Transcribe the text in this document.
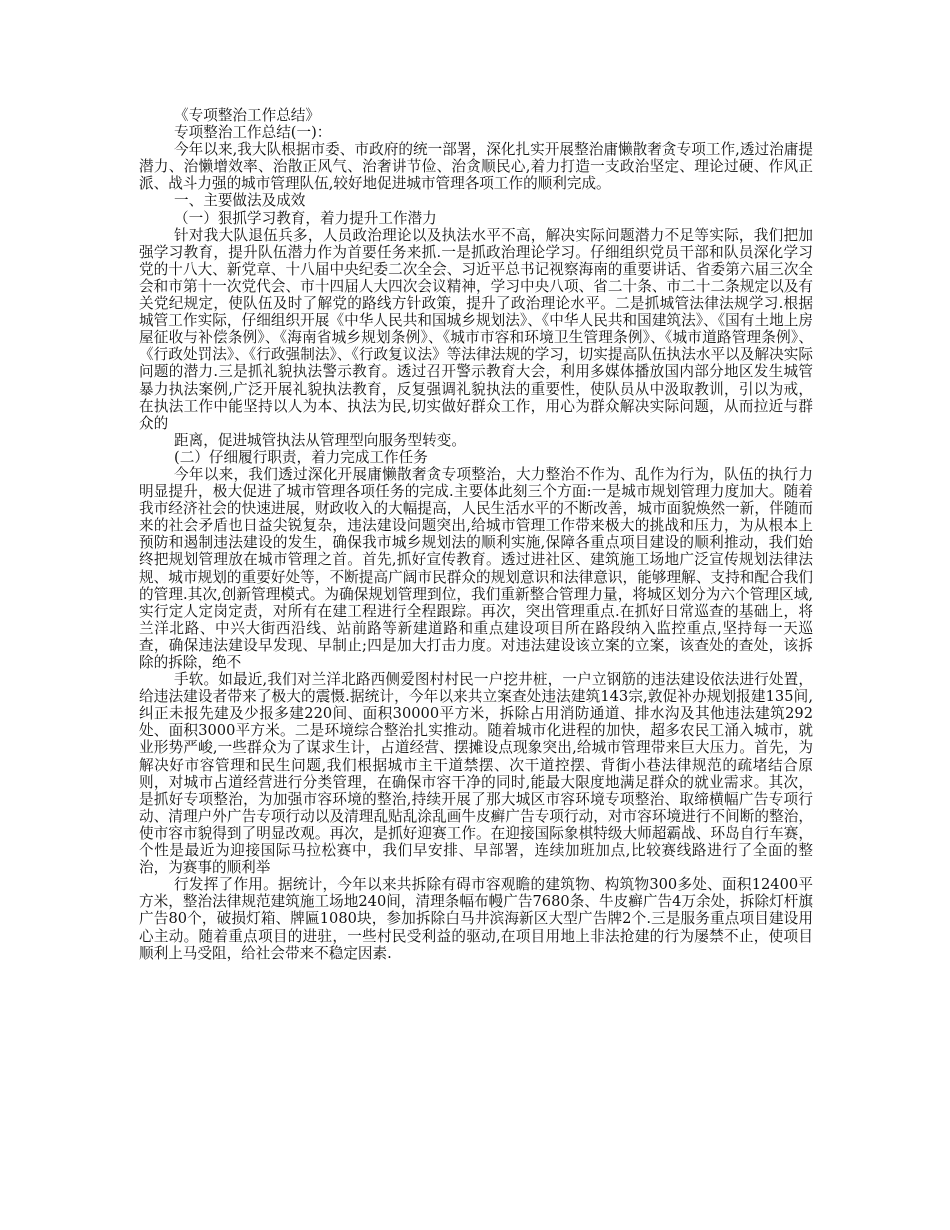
《专项整治工作总结》

专项整治工作总结(一)：

今年以来,我大队根据市委、市政府的统一部署，深化扎实开展整治庸懒散奢贪专项工作,透过治庸提潜力、治懒增效率、治散正风气、治奢讲节俭、治贪顺民心,着力打造一支政治坚定、理论过硬、作风正派、战斗力强的城市管理队伍,较好地促进城市管理各项工作的顺利完成。

一、主要做法及成效

（一）狠抓学习教育，着力提升工作潜力

针对我大队退伍兵多，人员政治理论以及执法水平不高，解决实际问题潜力不足等实际，我们把加强学习教育，提升队伍潜力作为首要任务来抓.一是抓政治理论学习。仔细组织党员干部和队员深化学习党的十八大、新党章、十八届中央纪委二次全会、习近平总书记视察海南的重要讲话、省委第六届三次全会和市第十一次党代会、市十四届人大四次会议精神，学习中央八项、省二十条、市二十二条规定以及有关党纪规定，使队伍及时了解党的路线方针政策，提升了政治理论水平。二是抓城管法律法规学习.根据城管工作实际，仔细组织开展《中华人民共和国城乡规划法》、《中华人民共和国建筑法》、《国有土地上房屋征收与补偿条例》、《海南省城乡规划条例》、《城市市容和环境卫生管理条例》、《城市道路管理条例》、《行政处罚法》、《行政强制法》、《行政复议法》等法律法规的学习，切实提高队伍执法水平以及解决实际问题的潜力.三是抓礼貌执法警示教育。透过召开警示教育大会，利用多媒体播放国内部分地区发生城管暴力执法案例,广泛开展礼貌执法教育，反复强调礼貌执法的重要性，使队员从中汲取教训，引以为戒，在执法工作中能坚持以人为本、执法为民,切实做好群众工作，用心为群众解决实际问题，从而拉近与群众的

距离，促进城管执法从管理型向服务型转变。

(二）仔细履行职责，着力完成工作任务

今年以来，我们透过深化开展庸懒散奢贪专项整治，大力整治不作为、乱作为行为，队伍的执行力明显提升，极大促进了城市管理各项任务的完成.主要体此刻三个方面:一是城市规划管理力度加大。随着我市经济社会的快速进展，财政收入的大幅提高，人民生活水平的不断改善，城市面貌焕然一新，伴随而来的社会矛盾也日益尖锐复杂，违法建设问题突出,给城市管理工作带来极大的挑战和压力，为从根本上预防和遏制违法建设的发生，确保我市城乡规划法的顺利实施,保障各重点项目建设的顺利推动，我们始终把规划管理放在城市管理之首。首先,抓好宣传教育。透过进社区、建筑施工场地广泛宣传规划法律法规、城市规划的重要好处等，不断提高广阔市民群众的规划意识和法律意识，能够理解、支持和配合我们的管理.其次,创新管理模式。为确保规划管理到位，我们重新整合管理力量，将城区划分为六个管理区域,实行定人定岗定责，对所有在建工程进行全程跟踪。再次，突出管理重点.在抓好日常巡查的基础上，将兰洋北路、中兴大街西沿线、站前路等新建道路和重点建设项目所在路段纳入监控重点,坚持每一天巡查，确保违法建设早发现、早制止;四是加大打击力度。对违法建设该立案的立案，该查处的查处，该拆除的拆除，绝不

手软。如最近,我们对兰洋北路西侧爱图村村民一户挖井桩，一户立钢筋的违法建设依法进行处置，给违法建设者带来了极大的震慑.据统计，今年以来共立案查处违法建筑143宗,敦促补办规划报建135间,纠正未报先建及少报多建220间、面积30000平方米，拆除占用消防通道、排水沟及其他违法建筑292处、面积3000平方米。二是环境综合整治扎实推动。随着城市化进程的加快，超多农民工涌入城市，就业形势严峻,一些群众为了谋求生计，占道经营、摆摊设点现象突出,给城市管理带来巨大压力。首先，为解决好市容管理和民生问题,我们根据城市主干道禁摆、次干道控摆、背街小巷法律规范的疏堵结合原则，对城市占道经营进行分类管理，在确保市容干净的同时,能最大限度地满足群众的就业需求。其次，是抓好专项整治，为加强市容环境的整治,持续开展了那大城区市容环境专项整治、取缔横幅广告专项行动、清理户外广告专项行动以及清理乱贴乱涂乱画牛皮癣广告专项行动，对市容环境进行不间断的整治，使市容市貌得到了明显改观。再次，是抓好迎赛工作。在迎接国际象棋特级大师超霸战、环岛自行车赛，个性是最近为迎接国际马拉松赛中，我们早安排、早部署，连续加班加点,比较赛线路进行了全面的整治，为赛事的顺利举

行发挥了作用。据统计，今年以来共拆除有碍市容观瞻的建筑物、构筑物300多处、面积12400平方米，整治法律规范建筑施工场地240间，清理条幅布幔广告7680条、牛皮癣广告4万余处，拆除灯杆旗广告80个，破损灯箱、牌匾1080块，参加拆除白马井滨海新区大型广告牌2个.三是服务重点项目建设用心主动。随着重点项目的进驻，一些村民受利益的驱动,在项目用地上非法抢建的行为屡禁不止，使项目顺利上马受阻，给社会带来不稳定因素.
